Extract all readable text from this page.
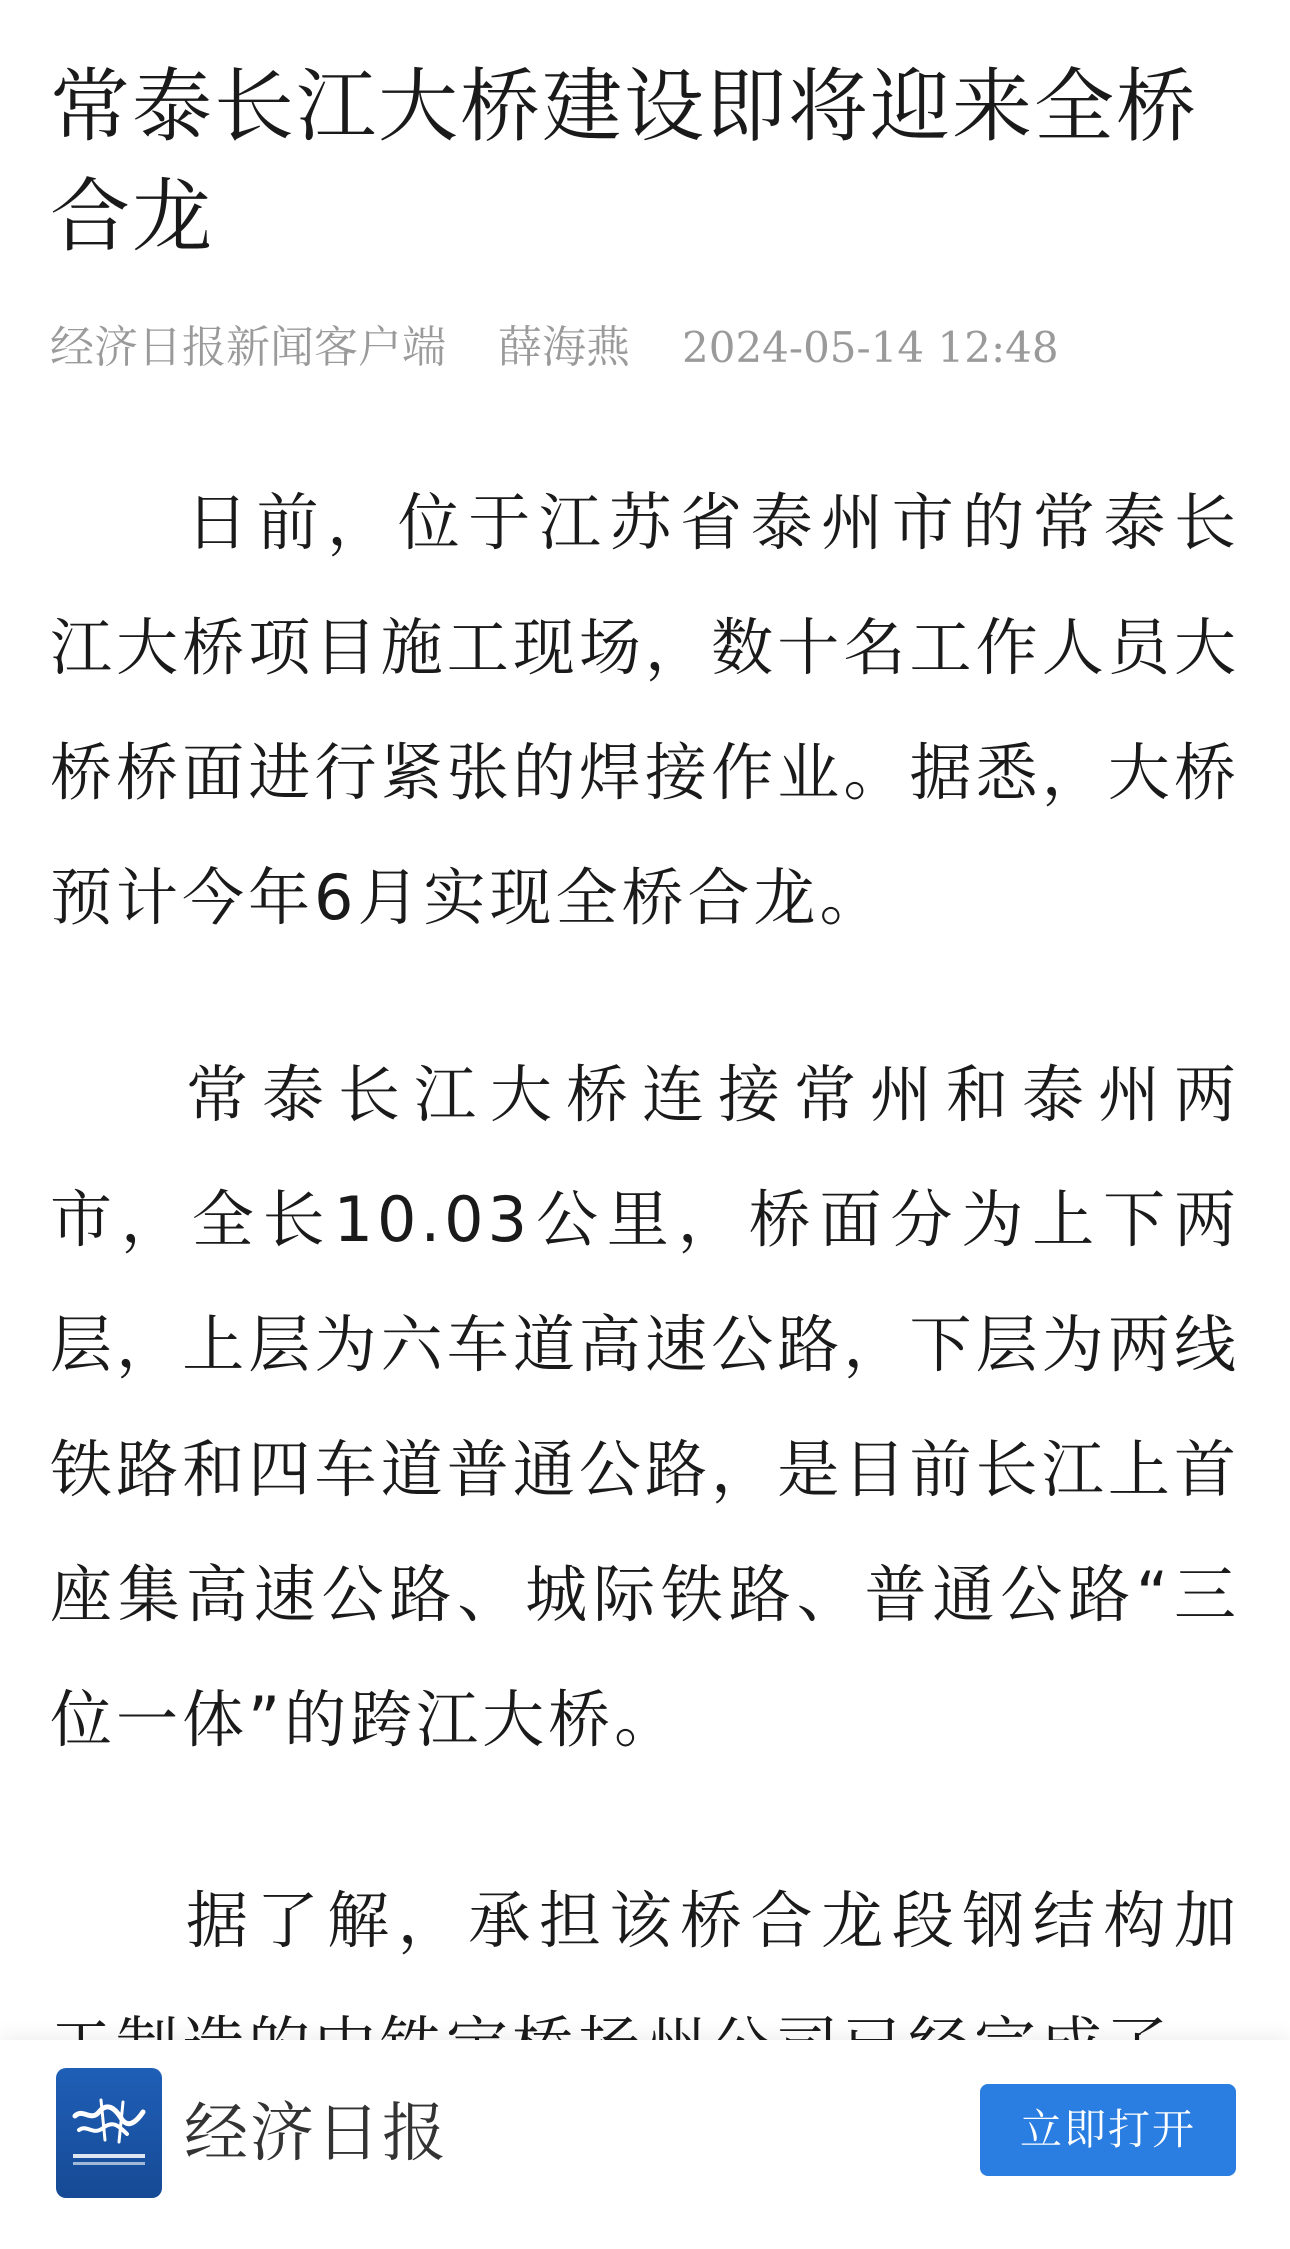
常泰长江大桥建设即将迎来全桥合龙
经济日报新闻客户端 薛海燕 2024-05-14 12:48

日前，位于江苏省泰州市的常泰长江大桥项目施工现场，数十名工作人员大桥桥面进行紧张的焊接作业。据悉，大桥预计今年6月实现全桥合龙。

常泰长江大桥连接常州和泰州两市，全长10.03公里，桥面分为上下两层，上层为六车道高速公路，下层为两线铁路和四车道普通公路，是目前长江上首座集高速公路、城际铁路、普通公路“三位一体”的跨江大桥。

据了解，承担该桥合龙段钢结构加

经济日报	立即打开
